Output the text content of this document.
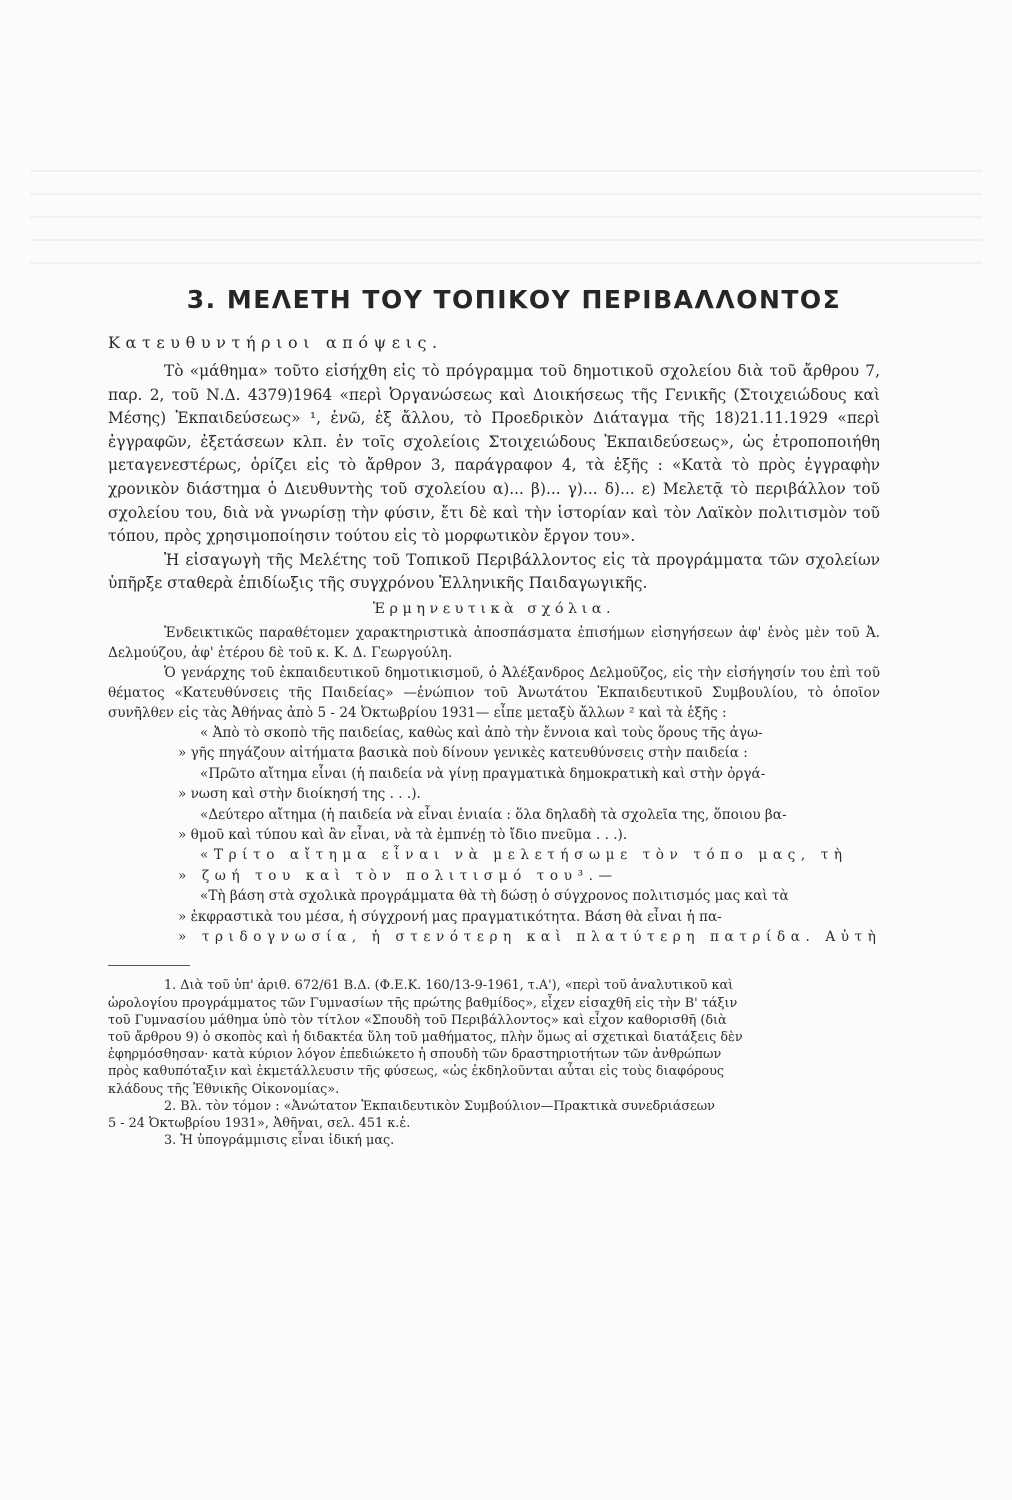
3. ΜΕΛΕΤΗ ΤΟΥ ΤΟΠΙΚΟΥ ΠΕΡΙΒΑΛΛΟΝΤΟΣ
Κατευθυντήριοι απόψεις.

Τὸ «μάθημα» τοῦτο εἰσήχθη εἰς τὸ πρόγραμμα τοῦ δημοτικοῦ σχολείου διὰ τοῦ ἄρθρου 7, παρ. 2, τοῦ Ν.Δ. 4379)1964 «περὶ Ὀργανώσεως καὶ Διοικήσεως τῆς Γενικῆς (Στοιχειώδους καὶ Μέσης) Ἐκπαιδεύσεως» ¹, ἐνῶ, ἐξ ἄλλου, τὸ Προεδρικὸν Διάταγμα τῆς 18)21.11.1929 «περὶ ἐγγραφῶν, ἐξετάσεων κλπ. ἐν τοῖς σχολείοις Στοιχειώδους Ἐκπαιδεύσεως», ὡς ἐτροποποιήθη μεταγενεστέρως, ὁρίζει εἰς τὸ ἄρθρον 3, παράγραφον 4, τὰ ἑξῆς : «Κατὰ τὸ πρὸς ἐγγραφὴν χρονικὸν διάστημα ὁ Διευθυντὴς τοῦ σχολείου α)... β)... γ)... δ)... ε) Μελετᾷ τὸ περιβάλλον τοῦ σχολείου του, διὰ νὰ γνωρίσῃ τὴν φύσιν, ἔτι δὲ καὶ τὴν ἱστορίαν καὶ τὸν Λαϊκὸν πολιτισμὸν τοῦ τόπου, πρὸς χρησιμοποίησιν τούτου εἰς τὸ μορφωτικὸν ἔργον του».

Ἡ εἰσαγωγὴ τῆς Μελέτης τοῦ Τοπικοῦ Περιβάλλοντος εἰς τὰ προγράμματα τῶν σχολείων ὑπῆρξε σταθερὰ ἐπιδίωξις τῆς συγχρόνου Ἑλληνικῆς Παιδαγωγικῆς.

Ἑρμηνευτικὰ σχόλια.

Ἐνδεικτικῶς παραθέτομεν χαρακτηριστικὰ ἀποσπάσματα ἐπισήμων εἰσηγήσεων ἀφ' ἑνὸς μὲν τοῦ Ἀ. Δελμούζου, ἀφ' ἑτέρου δὲ τοῦ κ. Κ. Δ. Γεωργούλη.

Ὁ γενάρχης τοῦ ἐκπαιδευτικοῦ δημοτικισμοῦ, ὁ Ἀλέξανδρος Δελμοῦζος, εἰς τὴν εἰσήγησίν του ἐπὶ τοῦ θέματος «Κατευθύνσεις τῆς Παιδείας» —ἐνώπιον τοῦ Ἀνωτάτου Ἐκπαιδευτικοῦ Συμβουλίου, τὸ ὁποῖον συνῆλθεν εἰς τὰς Ἀθήνας ἀπὸ 5 - 24 Ὀκτωβρίου 1931— εἶπε μεταξὺ ἄλλων ² καὶ τὰ ἑξῆς :

« Ἀπὸ τὸ σκοπὸ τῆς παιδείας, καθὼς καὶ ἀπὸ τὴν ἔννοια καὶ τοὺς ὅρους τῆς ἀγω-
» γῆς πηγάζουν αἰτήματα βασικὰ ποὺ δίνουν γενικὲς κατευθύνσεις στὴν παιδεία :
«Πρῶτο αἴτημα εἶναι (ἡ παιδεία νὰ γίνῃ πραγματικὰ δημοκρατικὴ καὶ στὴν ὀργά-
» νωση καὶ στὴν διοίκησή της . . .).
«Δεύτερο αἴτημα (ἡ παιδεία νὰ εἶναι ἑνιαία : ὅλα δηλαδὴ τὰ σχολεῖα της, ὅποιου βα-
» θμοῦ καὶ τύπου καὶ ἂν εἶναι, νὰ τὰ ἐμπνέῃ τὸ ἴδιο πνεῦμα . . .).
«Τρίτο αἴτημα εἶναι νὰ μελετήσωμε τὸν τόπο μας, τὴ
» ζωή του καὶ τὸν πολιτισμό του³.—
«Τὴ βάση στὰ σχολικὰ προγράμματα θὰ τὴ δώσῃ ὁ σύγχρονος πολιτισμός μας καὶ τὰ
» ἐκφραστικὰ του μέσα, ἡ σύγχρονή μας πραγματικότητα. Βάση θὰ εἶναι ἡ πα-
» τριδογνωσία, ἡ στενότερη καὶ πλατύτερη πατρίδα. Αὐτὴ
1. Διὰ τοῦ ὑπ' ἀριθ. 672/61 Β.Δ. (Φ.Ε.Κ. 160/13-9-1961, τ.Α'), «περὶ τοῦ ἀναλυτικοῦ καὶ
ὡρολογίου προγράμματος τῶν Γυμνασίων τῆς πρώτης βαθμίδος», εἶχεν εἰσαχθῆ εἰς τὴν Β' τάξιν
τοῦ Γυμνασίου μάθημα ὑπὸ τὸν τίτλον «Σπουδὴ τοῦ Περιβάλλοντος» καὶ εἶχον καθορισθῆ (διὰ
τοῦ ἄρθρου 9) ὁ σκοπὸς καὶ ἡ διδακτέα ὕλη τοῦ μαθήματος, πλὴν ὅμως αἱ σχετικαὶ διατάξεις δὲν
ἐφηρμόσθησαν· κατὰ κύριον λόγον ἐπεδιώκετο ἡ σπουδὴ τῶν δραστηριοτήτων τῶν ἀνθρώπων
πρὸς καθυπόταξιν καὶ ἐκμετάλλευσιν τῆς φύσεως, «ὡς ἐκδηλοῦνται αὗται εἰς τοὺς διαφόρους
κλάδους τῆς Ἐθνικῆς Οἰκονομίας».
2. Βλ. τὸν τόμον : «Ἀνώτατον Ἐκπαιδευτικὸν Συμβούλιον—Πρακτικὰ συνεδριάσεων
5 - 24 Ὀκτωβρίου 1931», Ἀθῆναι, σελ. 451 κ.ἑ.
3. Ἡ ὑπογράμμισις εἶναι ἰδική μας.
